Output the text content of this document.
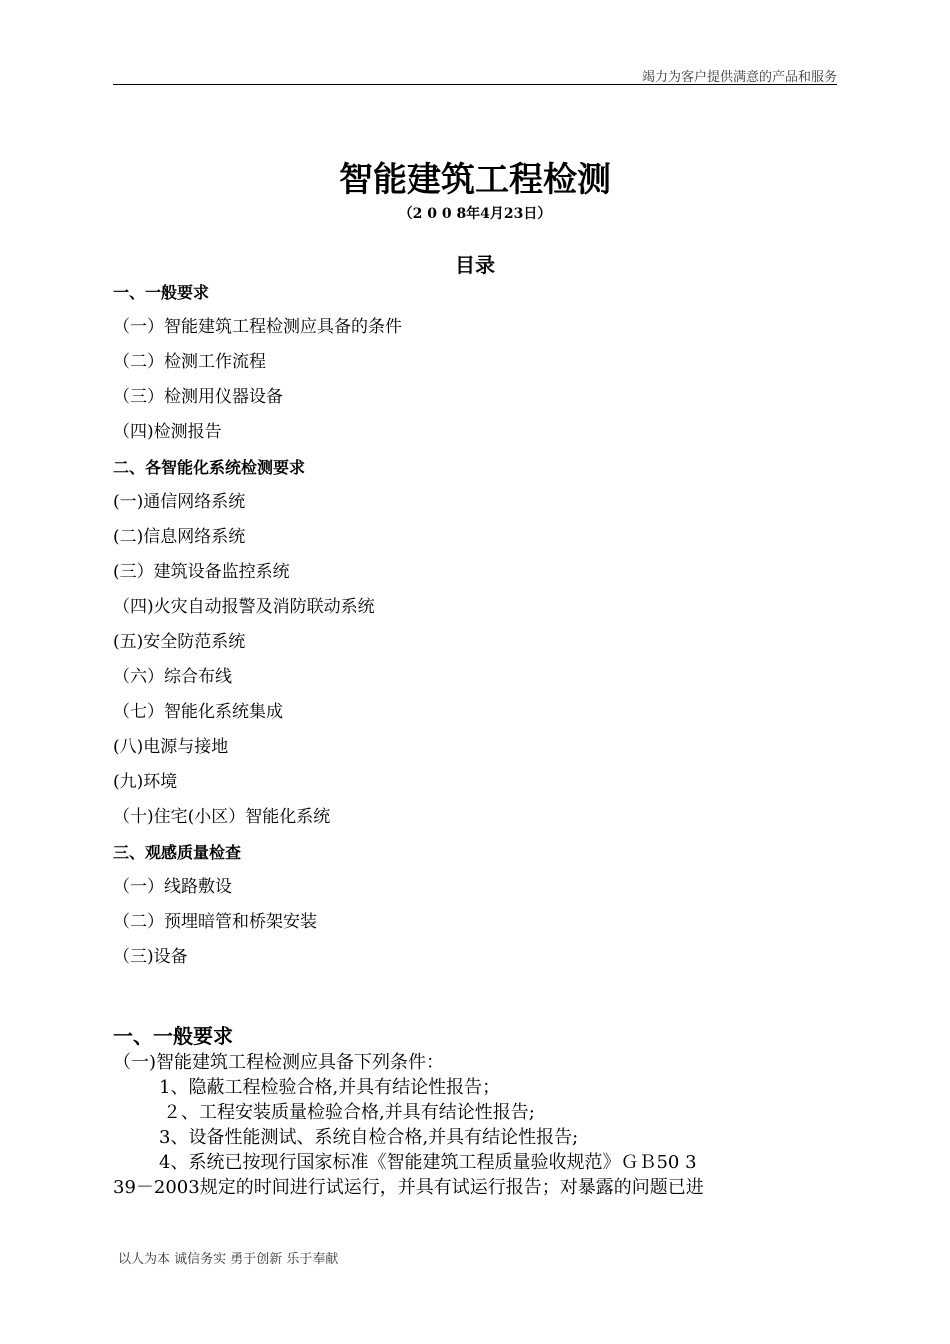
竭力为客户提供满意的产品和服务
智能建筑工程检测
（2 0 0 8年4月23日）
目录
一、一般要求
（一）智能建筑工程检测应具备的条件
（二）检测工作流程
（三）检测用仪器设备
（四)检测报告
二、各智能化系统检测要求
(一)通信网络系统
(二)信息网络系统
(三）建筑设备监控系统
（四)火灾自动报警及消防联动系统
(五)安全防范系统
（六）综合布线
（七）智能化系统集成
(八)电源与接地
(九)环境
（十)住宅(小区）智能化系统
三、观感质量检查
（一）线路敷设
（二）预埋暗管和桥架安装
（三)设备
一、一般要求
（一)智能建筑工程检测应具备下列条件：
1、隐蔽工程检验合格,并具有结论性报告；
２、工程安装质量检验合格,并具有结论性报告;
3、设备性能测试、系统自检合格,并具有结论性报告;
4、系统已按现行国家标准《智能建筑工程质量验收规范》ＧＢ50 3
39－2003规定的时间进行试运行，并具有试运行报告；对暴露的问题已进
以人为本 诚信务实 勇于创新 乐于奉献
